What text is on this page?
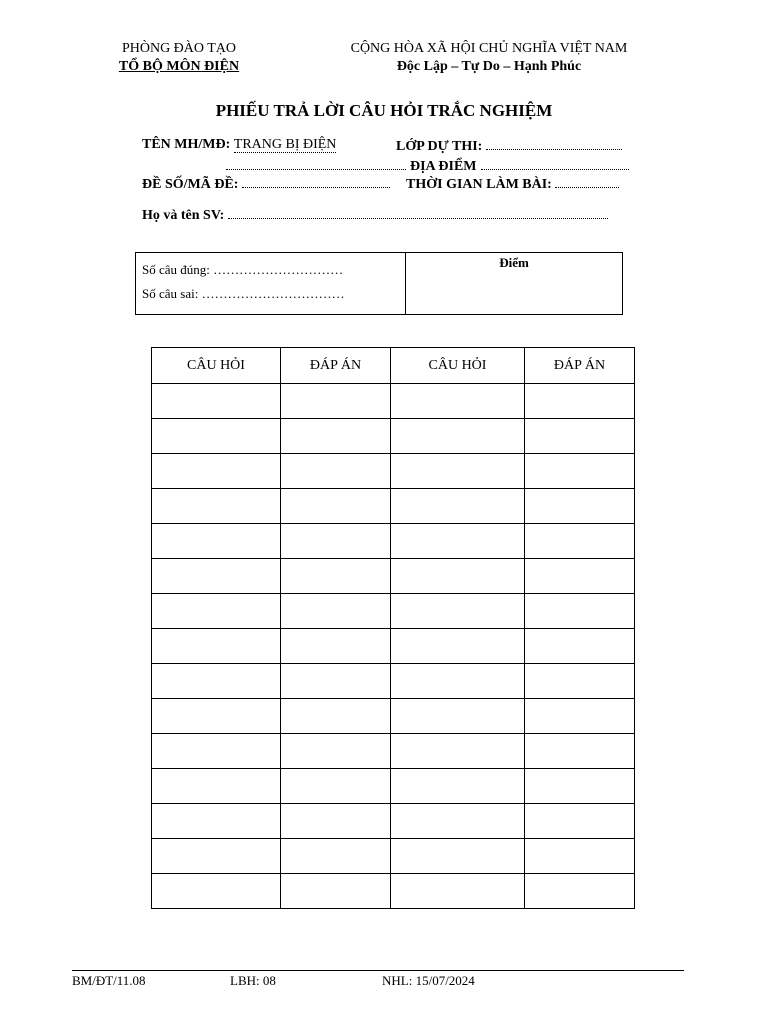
PHÒNG ĐÀO TẠO
TỔ BỘ MÔN ĐIỆN
CỘNG HÒA XÃ HỘI CHỦ NGHĨA VIỆT NAM
Độc Lập – Tự Do – Hạnh Phúc
PHIẾU TRẢ LỜI CÂU HỎI TRẮC NGHIỆM
TÊN MH/MĐ: TRANG BỊ ĐIỆN	LỚP DỰ THI:
ĐỊA ĐIỂM
ĐỀ SỐ/MÃ ĐỀ:	THỜI GIAN LÀM BÀI:
Họ và tên SV:
Số câu đúng: …………………………
Số câu sai: ……………………………
Điểm
CÂU HỎI	ĐÁP ÁN	CÂU HỎI	ĐÁP ÁN

BM/ĐT/11.08	LBH: 08	NHL: 15/07/2024
